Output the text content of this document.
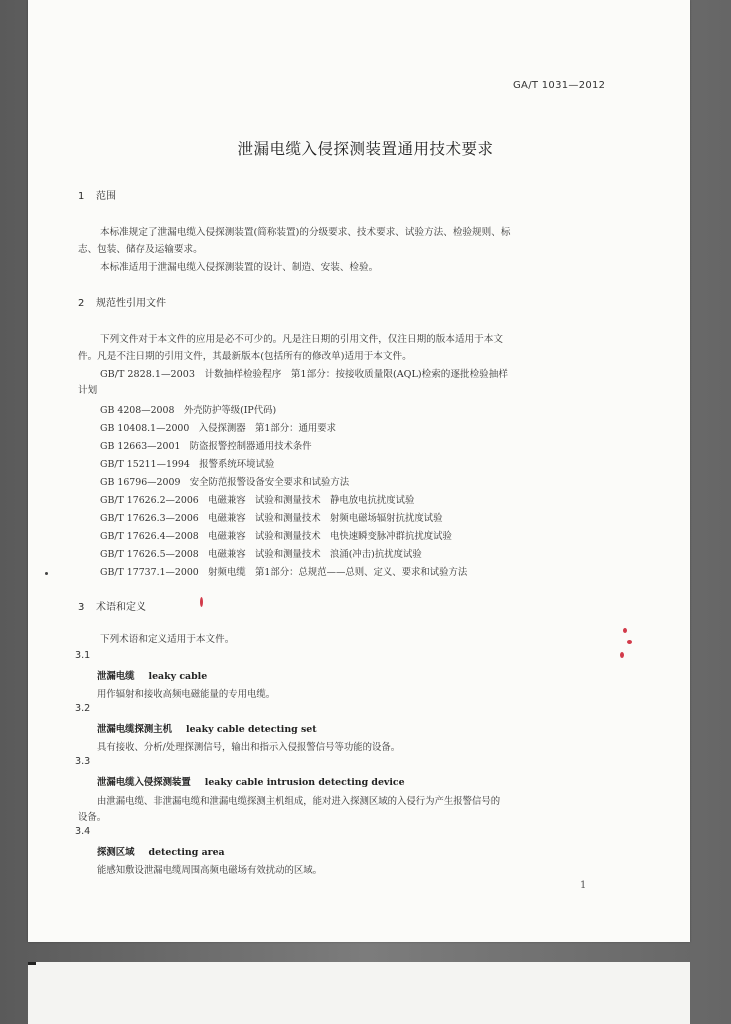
GA/T 1031—2012
泄漏电缆入侵探测装置通用技术要求
1 范围
本标准规定了泄漏电缆入侵探测装置(简称装置)的分级要求、技术要求、试验方法、检验规则、标
志、包装、储存及运输要求。
本标准适用于泄漏电缆入侵探测装置的设计、制造、安装、检验。
2 规范性引用文件
下列文件对于本文件的应用是必不可少的。凡是注日期的引用文件，仅注日期的版本适用于本文
件。凡是不注日期的引用文件，其最新版本(包括所有的修改单)适用于本文件。
GB/T 2828.1—2003　计数抽样检验程序　第1部分：按接收质量限(AQL)检索的逐批检验抽样
计划
GB 4208—2008　外壳防护等级(IP代码)
GB 10408.1—2000　入侵探测器　第1部分：通用要求
GB 12663—2001　防盗报警控制器通用技术条件
GB/T 15211—1994　报警系统环境试验
GB 16796—2009　安全防范报警设备安全要求和试验方法
GB/T 17626.2—2006　电磁兼容　试验和测量技术　静电放电抗扰度试验
GB/T 17626.3—2006　电磁兼容　试验和测量技术　射频电磁场辐射抗扰度试验
GB/T 17626.4—2008　电磁兼容　试验和测量技术　电快速瞬变脉冲群抗扰度试验
GB/T 17626.5—2008　电磁兼容　试验和测量技术　浪涌(冲击)抗扰度试验
GB/T 17737.1—2000　射频电缆　第1部分：总规范——总则、定义、要求和试验方法
3 术语和定义
下列术语和定义适用于本文件。
3.1
泄漏电缆 leaky cable
用作辐射和接收高频电磁能量的专用电缆。
3.2
泄漏电缆探测主机 leaky cable detecting set
具有接收、分析/处理探测信号，输出和指示入侵报警信号等功能的设备。
3.3
泄漏电缆入侵探测装置 leaky cable intrusion detecting device
由泄漏电缆、非泄漏电缆和泄漏电缆探测主机组成，能对进入探测区域的入侵行为产生报警信号的
设备。
3.4
探测区域 detecting area
能感知敷设泄漏电缆周围高频电磁场有效扰动的区域。
1
